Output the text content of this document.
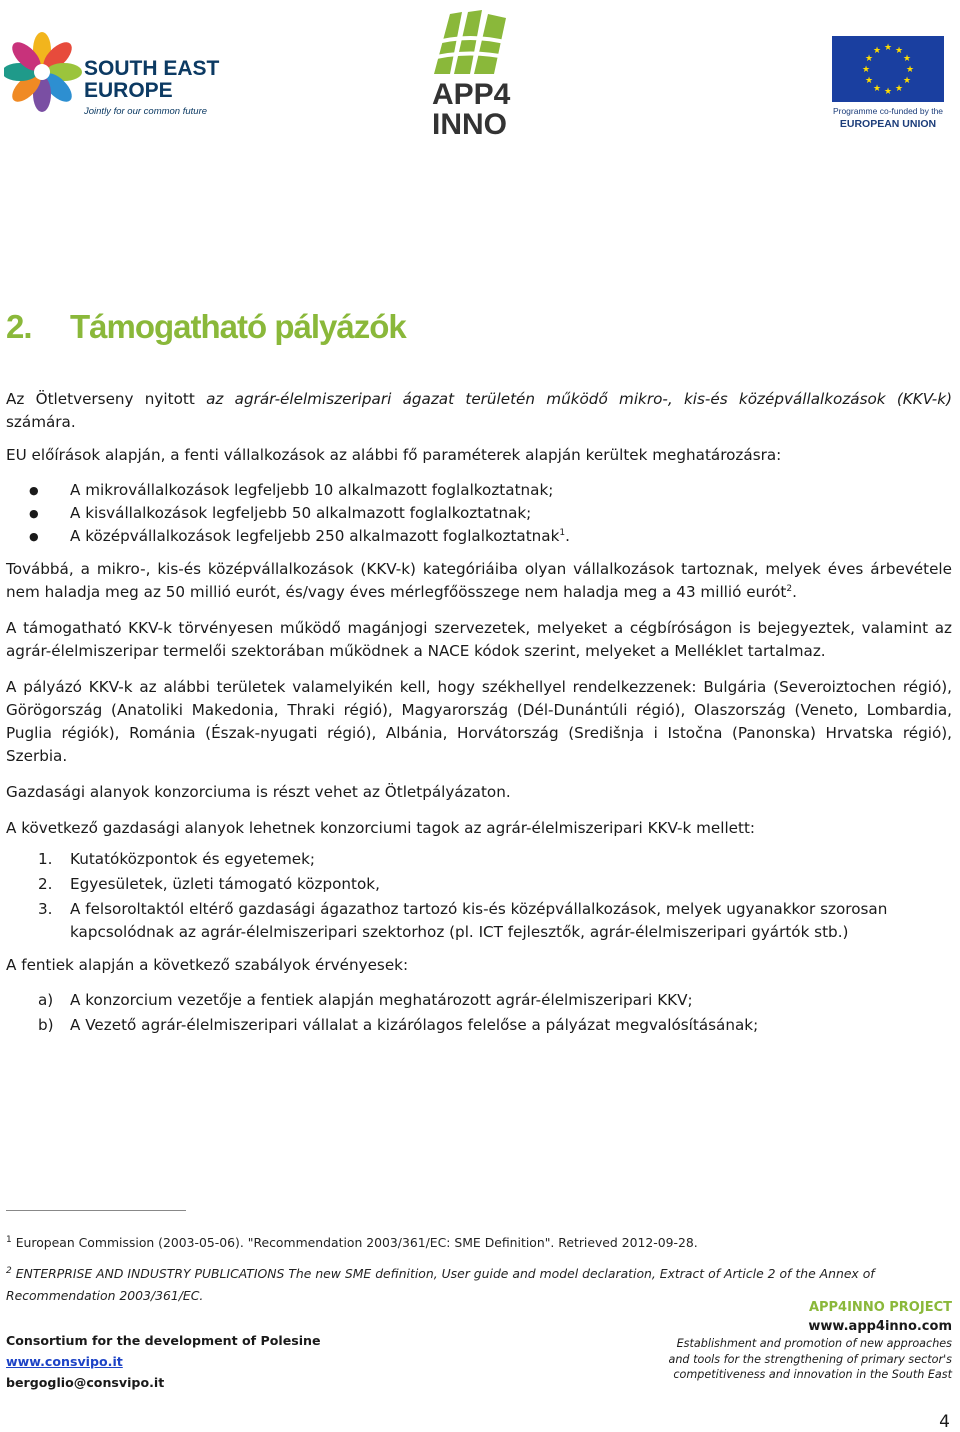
SOUTH EAST
EUROPE
Jointly for our common future
APP4
INNO
★ ★
★
★
★
★
★
★
★
★
★
★
Programme co-funded by the
EUROPEAN UNION
2. Támogatható pályázók

Az Ötletverseny nyitott az agrár-élelmiszeripari ágazat területén működő mikro-, kis-és középvállalkozások (KKV-k) számára.

EU előírások alapján, a fenti vállalkozások az alábbi fő paraméterek alapján kerültek meghatározásra:

● A mikrovállalkozások legfeljebb 10 alkalmazott foglalkoztatnak;
● A kisvállalkozások legfeljebb 50 alkalmazott foglalkoztatnak;
● A középvállalkozások legfeljebb 250 alkalmazott foglalkoztatnak$^1$.

Továbbá, a mikro-, kis-és középvállalkozások (KKV-k) kategóriáiba olyan vállalkozások tartoznak, melyek éves árbevétele nem haladja meg az 50 millió eurót, és/vagy éves mérlegfőösszege nem haladja meg a 43 millió eurót$^2$.

A támogatható KKV-k törvényesen működő magánjogi szervezetek, melyeket a cégbíróságon is bejegyeztek, valamint az agrár-élelmiszeripar termelői szektorában működnek a NACE kódok szerint, melyeket a Melléklet tartalmaz.

A pályázó KKV-k az alábbi területek valamelyikén kell, hogy székhellyel rendelkezzenek: Bulgária (Severoiztochen régió), Görögország (Anatoliki Makedonia, Thraki régió), Magyarország (Dél-Dunántúli régió), Olaszország (Veneto, Lombardia, Puglia régiók), Románia (Észak-nyugati régió), Albánia, Horvátország (Središnja i Istočna (Panonska) Hrvatska régió), Szerbia.

Gazdasági alanyok konzorciuma is részt vehet az Ötletpályázaton.

A következő gazdasági alanyok lehetnek konzorciumi tagok az agrár-élelmiszeripari KKV-k mellett:

1. Kutatóközpontok és egyetemek;
2. Egyesületek, üzleti támogató központok,
3. A felsoroltaktól eltérő gazdasági ágazathoz tartozó kis-és középvállalkozások, melyek ugyanakkor szorosan kapcsolódnak az agrár-élelmiszeripari szektorhoz (pl. ICT fejlesztők, agrár-élelmiszeripari gyártók stb.)

A fentiek alapján a következő szabályok érvényesek:

a) A konzorcium vezetője a fentiek alapján meghatározott agrár-élelmiszeripari KKV;
b) A Vezető agrár-élelmiszeripari vállalat a kizárólagos felelőse a pályázat megvalósításának;

$^1$ European Commission (2003-05-06). "Recommendation 2003/361/EC: SME Definition". Retrieved 2012-09-28.

$^2$ ENTERPRISE AND INDUSTRY PUBLICATIONS The new SME definition, User guide and model declaration, Extract of Article 2 of the Annex of Recommendation 2003/361/EC.

Consortium for the development of Polesine
www.consvipo.it
bergoglio@consvipo.it
APP4INNO PROJECT
www.app4inno.com
Establishment and promotion of new approaches
and tools for the strengthening of primary sector's
competitiveness and innovation in the South East
4
